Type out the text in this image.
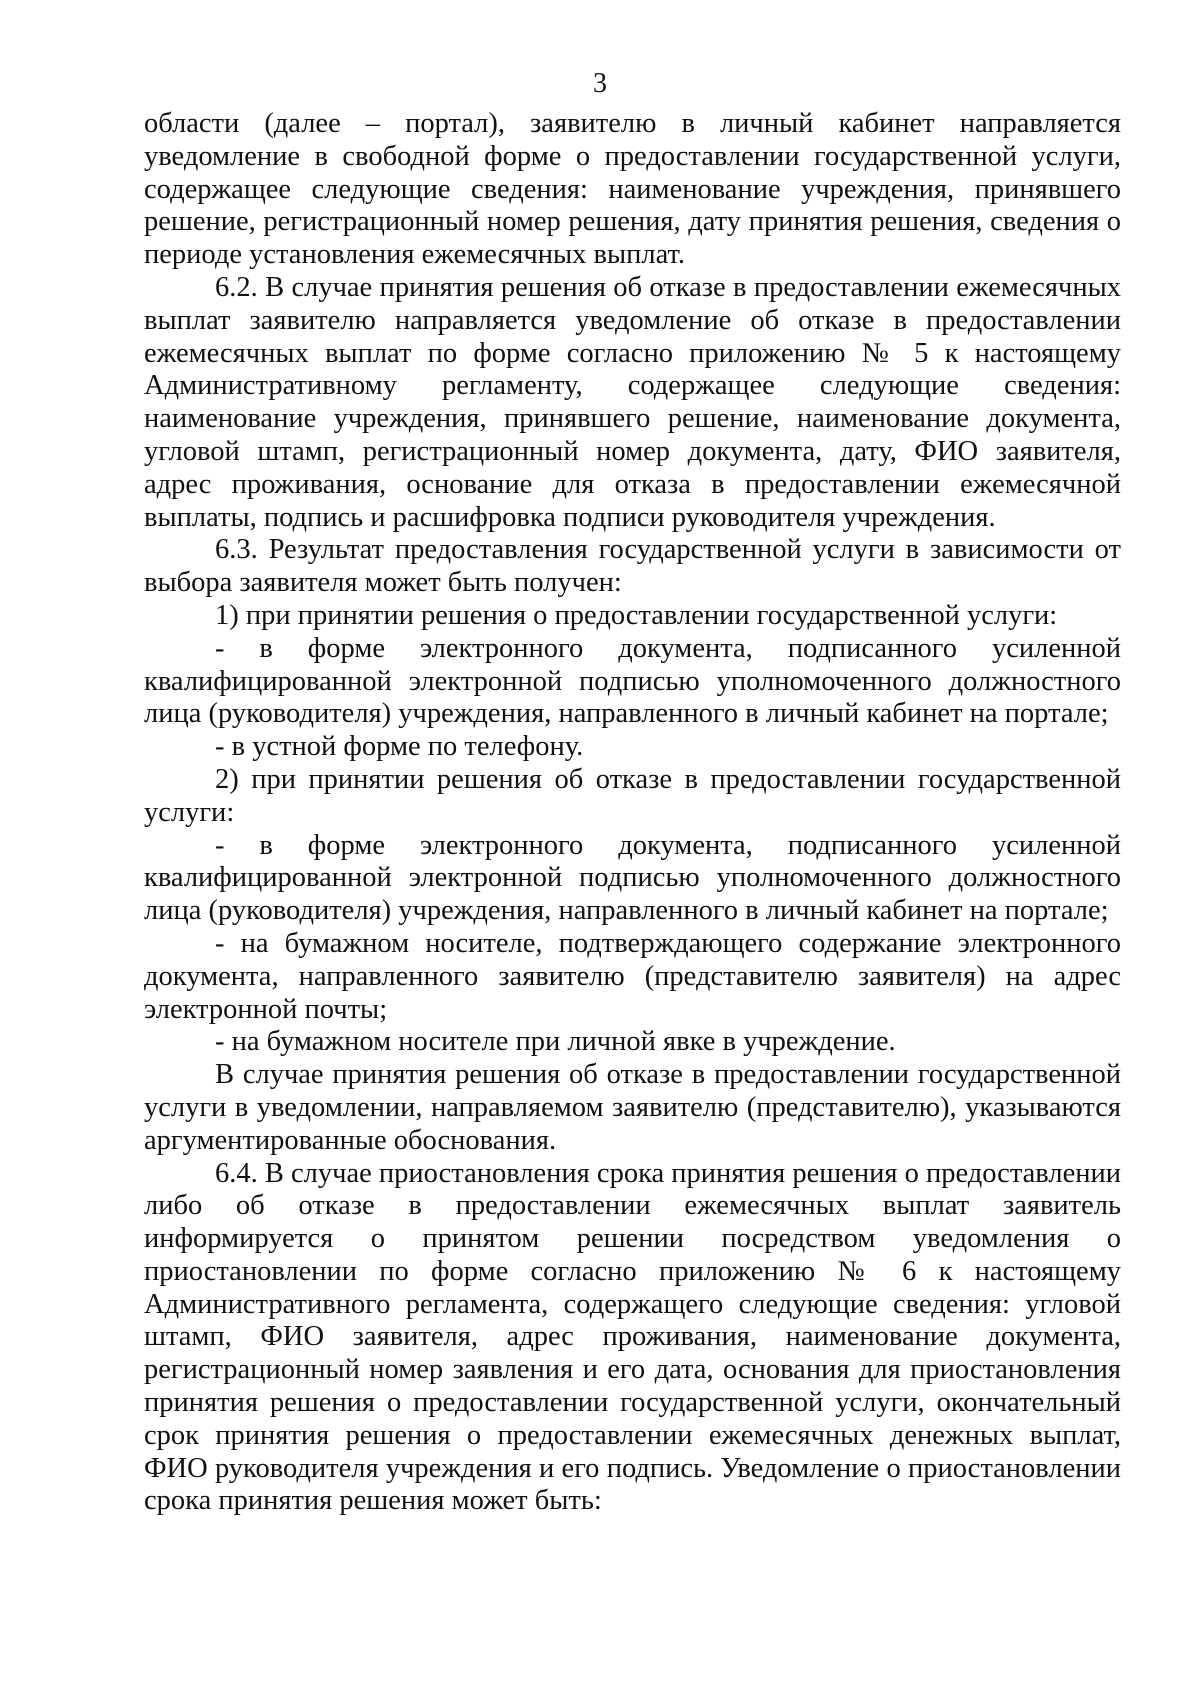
3

области (далее – портал), заявителю в личный кабинет направляется уведомление в свободной форме о предоставлении государственной услуги, содержащее следующие сведения: наименование учреждения, принявшего решение, регистрационный номер решения, дату принятия решения, сведения о периоде установления ежемесячных выплат.

6.2. В случае принятия решения об отказе в предоставлении ежемесячных выплат заявителю направляется уведомление об отказе в предоставлении ежемесячных выплат по форме согласно приложению № 5 к настоящему Административному регламенту, содержащее следующие сведения: наименование учреждения, принявшего решение, наименование документа, угловой штамп, регистрационный номер документа, дату, ФИО заявителя, адрес проживания, основание для отказа в предоставлении ежемесячной выплаты, подпись и расшифровка подписи руководителя учреждения.

6.3. Результат предоставления государственной услуги в зависимости от выбора заявителя может быть получен:

1) при принятии решения о предоставлении государственной услуги:

- в форме электронного документа, подписанного усиленной квалифицированной электронной подписью уполномоченного должностного лица (руководителя) учреждения, направленного в личный кабинет на портале;

- в устной форме по телефону.

2) при принятии решения об отказе в предоставлении государственной услуги:

- в форме электронного документа, подписанного усиленной квалифицированной электронной подписью уполномоченного должностного лица (руководителя) учреждения, направленного в личный кабинет на портале;

- на бумажном носителе, подтверждающего содержание электронного документа, направленного заявителю (представителю заявителя) на адрес электронной почты;

- на бумажном носителе при личной явке в учреждение.

В случае принятия решения об отказе в предоставлении государственной услуги в уведомлении, направляемом заявителю (представителю), указываются аргументированные обоснования.

6.4. В случае приостановления срока принятия решения о предоставлении либо об отказе в предоставлении ежемесячных выплат заявитель информируется о принятом решении посредством уведомления о приостановлении по форме согласно приложению № 6 к настоящему Административного регламента, содержащего следующие сведения: угловой штамп, ФИО заявителя, адрес проживания, наименование документа, регистрационный номер заявления и его дата, основания для приостановления принятия решения о предоставлении государственной услуги, окончательный срок принятия решения о предоставлении ежемесячных денежных выплат, ФИО руководителя учреждения и его подпись. Уведомление о приостановлении срока принятия решения может быть:
